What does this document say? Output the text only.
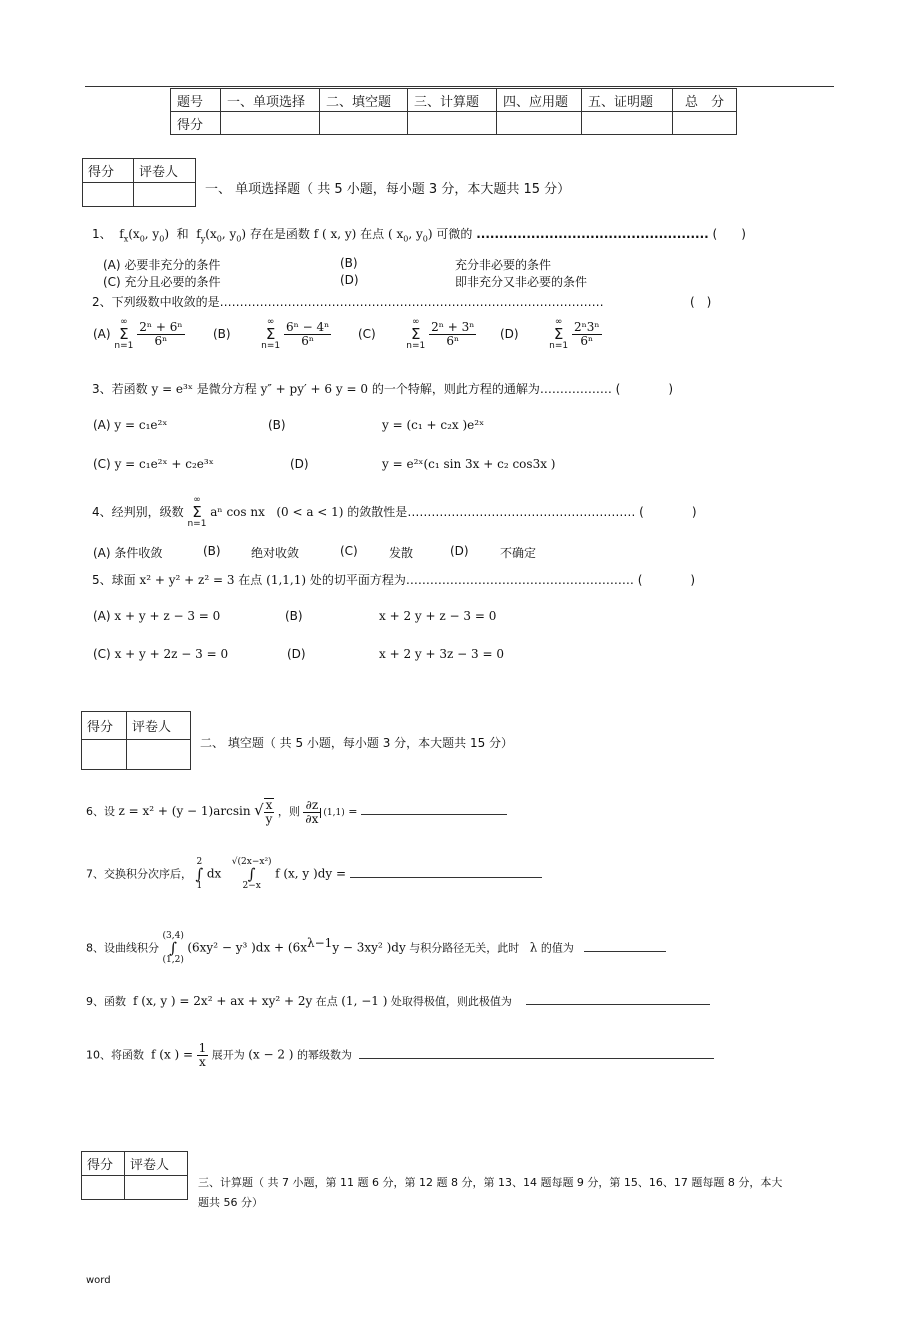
题号	一、单项选择	二、填空题	三、计算题	四、应用题	五、证明题	总　分
得分						
得分	评卷人

一、 单项选择题（ 共 5 小题，每小题 3 分，本大题共 15 分）
1、  $f_x(x_0$, $y_0$)  和  $f_y(x_0$, $y_0$) 存在是函数 f ( x, y) 在点 ( $x_0$, $y_0$) 可微的 ................................................... (　　)
(A) 必要非充分的条件	(B)	充分非必要的条件
(C) 充分且必要的条件	(D)	即非充分又非必要的条件
2、下列级数中收敛的是……………………………………………………………………………………	(　)
(A) ∞
Σ
$n=1 \frac{\text{2ⁿ + 6ⁿ}}{\text{6ⁿ}} (B)$        ∞
Σ
$n=1 \frac{\text{6ⁿ − 4ⁿ}}{\text{6ⁿ}} (C)$        ∞
Σ
$n=1 \frac{\text{2ⁿ + 3ⁿ}}{\text{6ⁿ}} (D)$        ∞
Σ
$n=1 \frac{\text{2ⁿ3ⁿ}}{\text{6ⁿ}}$
3、若函数 y = e³ˣ 是微分方程 y″ + py′ + 6 y = 0 的一个特解，则此方程的通解为……………… (　　　　)
(A) y = c₁e²ˣ	(B)	y = (c₁ + c₂x )e²ˣ
(C) y = c₁e²ˣ + c₂e³ˣ	(D)	y = e²ˣ(c₁ sin 3x + c₂ cos3x )
4、经判别，级数 ∞
Σ
n=1 aⁿ cos nx (0 < a < 1) 的敛散性是………………………………………………… (　　　　)
(A) 条件收敛	(B)	绝对收敛	(C)	发散	(D)	不确定
5、球面 x² + y² + z² = 3 在点 (1,1,1) 处的切平面方程为………………………………………………… (　　　　)
(A) x + y + z − 3 = 0	(B)	x + 2 y + z − 3 = 0
(C) x + y + 2z − 3 = 0	(D)	x + 2 y + 3z − 3 = 0
得分	评卷人

二、 填空题（ 共 5 小题，每小题 3 分，本大题共 15 分）
6、设 z = x² + (y − 1)arcsin √ $\frac{x}{y}$ ，则 $\frac{\partial z}{\partial x} (1,1)$ =
7、交换积分次序后， 2
∫
1 dx   √(2x−x²)
∫
2−x f (x, y )dy =
8、设曲线积分 (3,4)
∫
(1,2) (6xy² − y³ )$dx + (6x^{\lambda-1}y - 3xy^2$ )dy 与积分路径无关，此时 λ 的值为
9、函数 f (x, y ) = 2x² + ax + xy² + 2y 在点 (1, −1 ) 处取得极值，则此极值为
10、将函数 f (x ) = $\frac{1}{x}$ 展开为 (x − 2 ) 的幂级数为
得分	评卷人

三、计算题（ 共 7 小题，第 11 题 6 分，第 12 题 8 分，第 13、14 题每题 9 分，第 15、16、17 题每题 8 分，本大
题共 56 分）
word
